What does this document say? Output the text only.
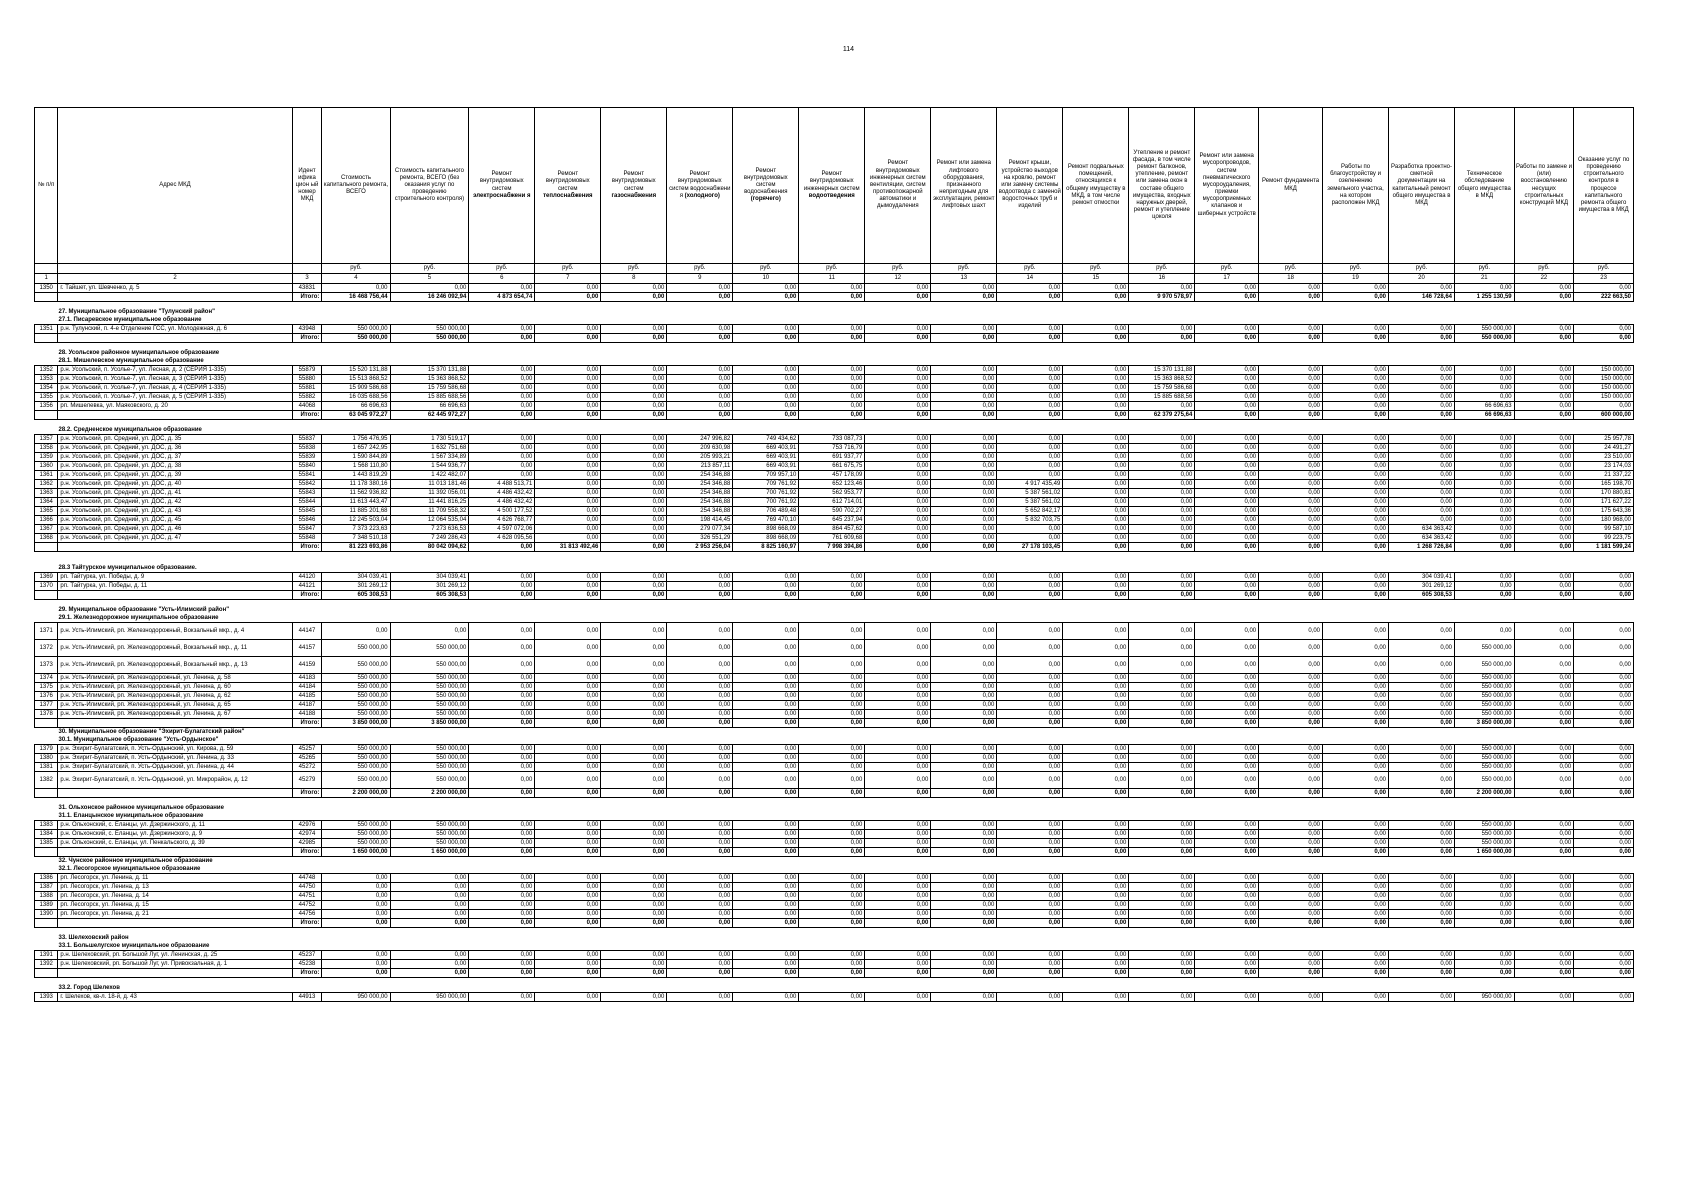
114
№ п/п	Адрес МКД	Идент ифика цион ый номер МКД	Стоимость капитального ремонта, ВСЕГО	Стоимость капитального ремонта, ВСЕГО (без оказания услуг по проведению строительного контроля)	Ремонт внутридомовых систем электроснабжени я	Ремонт внутридомовых систем теплоснабжения	Ремонт внутридомовых систем газоснабжения	Ремонт внутридомовых систем водоснабжени я (холодного)	Ремонт внутридомовых систем водоснабжения (горячего)	Ремонт внутридомовых инженерных систем водоотведения	Ремонт внутридомовых инженерных систем вентиляции, систем противопожарной автоматики и дымоудаления	Ремонт или замена лифтового оборудования, признанного непригодным для эксплуатации, ремонт лифтовых шахт	Ремонт крыши, устройство выходов на кровлю, ремонт или замену системы водоотвода с заменой водосточных труб и изделий	Ремонт подвальных помещений, относящихся к общему имуществу в МКД, в том числе ремонт отмостки	Утепление и ремонт фасада, в том числе ремонт балконов, утепление, ремонт или замена окон в составе общего имущества, входных наружных дверей, ремонт и утепление цоколя	Ремонт или замена мусоропроводов, систем пневматического мусороудаления, приемки мусороприемных клапанов и шиберных устройств	Ремонт фундамента МКД	Работы по благоустройству и озеленению земельного участка, на котором расположен МКД	Разработка проектно-сметной документации на капитальный ремонт общего имущества в МКД	Техническое обследование общего имущества в МКД	Работы по замене и (или) восстановлению несущих строительных конструкций МКД	Оказание услуг по проведению строительного контроля в процессе капитального ремонта общего имущества в МКД
			руб.	руб.	руб.	руб.	руб.	руб.	руб.	руб.	руб.	руб.	руб.	руб.	руб.	руб.	руб.	руб.	руб.	руб.	руб.	руб.
1	2	3	4	5	6	7	8	9	10	11	12	13	14	15	16	17	18	19	20	21	22	23
1350	г. Тайшет, ул. Шевченко, д. 5	43831	0,00	0,00	0,00	0,00	0,00	0,00	0,00	0,00	0,00	0,00	0,00	0,00	0,00	0,00	0,00	0,00	0,00	0,00	0,00	0,00
		Итого:	16 468 756,44	16 246 092,94	4 873 654,74	0,00	0,00	0,00	0,00	0,00	0,00	0,00	0,00	0,00	9 970 578,97	0,00	0,00	0,00	146 728,64	1 255 130,59	0,00	222 663,50

27. Муниципальное образование "Тулунский район"																						
27.1. Писаревское муниципальное образование																						
1351	р.н. Тулунский, п. 4-е Отделение ГСС, ул. Молодежная, д. 6	43948	550 000,00	550 000,00	0,00	0,00	0,00	0,00	0,00	0,00	0,00	0,00	0,00	0,00	0,00	0,00	0,00	0,00	0,00	550 000,00	0,00	0,00
		Итого:	550 000,00	550 000,00	0,00	0,00	0,00	0,00	0,00	0,00	0,00	0,00	0,00	0,00	0,00	0,00	0,00	0,00	0,00	550 000,00	0,00	0,00

28. Усольское районное муниципальное образование																						
28.1. Мишелевское муниципальное образование																						
1352	р.н. Усольский, п. Усолье-7, ул. Лесная, д. 2 (СЕРИЯ 1-335)	55879	15 520 131,88	15 370 131,88	0,00	0,00	0,00	0,00	0,00	0,00	0,00	0,00	0,00	0,00	15 370 131,88	0,00	0,00	0,00	0,00	0,00	0,00	150 000,00
1353	р.н. Усольский, п. Усолье-7, ул. Лесная, д. 3 (СЕРИЯ 1-335)	55880	15 513 868,52	15 363 868,52	0,00	0,00	0,00	0,00	0,00	0,00	0,00	0,00	0,00	0,00	15 363 868,52	0,00	0,00	0,00	0,00	0,00	0,00	150 000,00
1354	р.н. Усольский, п. Усолье-7, ул. Лесная, д. 4 (СЕРИЯ 1-335)	55881	15 909 586,68	15 759 586,68	0,00	0,00	0,00	0,00	0,00	0,00	0,00	0,00	0,00	0,00	15 759 586,68	0,00	0,00	0,00	0,00	0,00	0,00	150 000,00
1355	р.н. Усольский, п. Усолье-7, ул. Лесная, д. 5 (СЕРИЯ 1-335)	55882	16 035 688,56	15 885 688,56	0,00	0,00	0,00	0,00	0,00	0,00	0,00	0,00	0,00	0,00	15 885 688,56	0,00	0,00	0,00	0,00	0,00	0,00	150 000,00
1356	рп. Мишелевка, ул. Маяковского, д. 20	44068	66 696,63	66 696,63	0,00	0,00	0,00	0,00	0,00	0,00	0,00	0,00	0,00	0,00	0,00	0,00	0,00	0,00	0,00	66 696,63	0,00	0,00
		Итого:	63 045 972,27	62 445 972,27	0,00	0,00	0,00	0,00	0,00	0,00	0,00	0,00	0,00	0,00	62 379 275,64	0,00	0,00	0,00	0,00	66 696,63	0,00	600 000,00

28.2. Средненское муниципальное образование																						
1357	р.н. Усольский, рп. Средний, ул. ДОС, д. 35	55837	1 756 476,95	1 730 519,17	0,00	0,00	0,00	247 996,82	749 434,62	733 087,73	0,00	0,00	0,00	0,00	0,00	0,00	0,00	0,00	0,00	0,00	0,00	25 957,78
1358	р.н. Усольский, рп. Средний, ул. ДОС, д. 36	55838	1 657 242,95	1 632 751,68	0,00	0,00	0,00	209 630,98	669 403,91	753 716,79	0,00	0,00	0,00	0,00	0,00	0,00	0,00	0,00	0,00	0,00	0,00	24 491,27
1359	р.н. Усольский, рп. Средний, ул. ДОС, д. 37	55839	1 590 844,89	1 567 334,89	0,00	0,00	0,00	205 993,21	669 403,91	691 937,77	0,00	0,00	0,00	0,00	0,00	0,00	0,00	0,00	0,00	0,00	0,00	23 510,00
1360	р.н. Усольский, рп. Средний, ул. ДОС, д. 38	55840	1 568 110,80	1 544 936,77	0,00	0,00	0,00	213 857,11	669 403,91	661 675,75	0,00	0,00	0,00	0,00	0,00	0,00	0,00	0,00	0,00	0,00	0,00	23 174,03
1361	р.н. Усольский, рп. Средний, ул. ДОС, д. 39	55841	1 443 819,29	1 422 482,07	0,00	0,00	0,00	254 346,88	709 957,10	457 178,09	0,00	0,00	0,00	0,00	0,00	0,00	0,00	0,00	0,00	0,00	0,00	21 337,22
1362	р.н. Усольский, рп. Средний, ул. ДОС, д. 40	55842	11 178 380,16	11 013 181,46	4 488 513,71	0,00	0,00	254 346,88	709 761,92	652 123,46	0,00	0,00	4 917 435,49	0,00	0,00	0,00	0,00	0,00	0,00	0,00	0,00	165 198,70
1363	р.н. Усольский, рп. Средний, ул. ДОС, д. 41	55843	11 562 936,82	11 392 056,01	4 486 432,42	0,00	0,00	254 346,88	700 761,92	562 953,77	0,00	0,00	5 387 561,02	0,00	0,00	0,00	0,00	0,00	0,00	0,00	0,00	170 880,81
1364	р.н. Усольский, рп. Средний, ул. ДОС, д. 42	55844	11 613 443,47	11 441 816,25	4 486 432,42	0,00	0,00	254 346,88	700 761,92	612 714,01	0,00	0,00	5 387 561,02	0,00	0,00	0,00	0,00	0,00	0,00	0,00	0,00	171 627,22
1365	р.н. Усольский, рп. Средний, ул. ДОС, д. 43	55845	11 885 201,68	11 709 558,32	4 500 177,52	0,00	0,00	254 346,88	706 489,48	590 702,27	0,00	0,00	5 652 842,17	0,00	0,00	0,00	0,00	0,00	0,00	0,00	0,00	175 643,36
1366	р.н. Усольский, рп. Средний, ул. ДОС, д. 45	55846	12 245 503,04	12 064 535,04	4 626 768,77	0,00	0,00	198 414,45	769 470,10	645 237,94	0,00	0,00	5 832 703,75	0,00	0,00	0,00	0,00	0,00	0,00	0,00	0,00	180 968,00
1367	р.н. Усольский, рп. Средний, ул. ДОС, д. 46	55847	7 373 223,63	7 273 636,53	4 597 072,06	0,00	0,00	279 077,34	898 668,09	864 457,62	0,00	0,00	0,00	0,00	0,00	0,00	0,00	0,00	634 363,42	0,00	0,00	99 587,10
1368	р.н. Усольский, рп. Средний, ул. ДОС, д. 47	55848	7 348 510,18	7 249 286,43	4 628 095,56	0,00	0,00	326 551,29	898 668,09	761 609,68	0,00	0,00	0,00	0,00	0,00	0,00	0,00	0,00	634 363,42	0,00	0,00	99 223,75
		Итого:	81 223 693,86	80 042 094,62	0,00	31 813 492,46	0,00	2 953 256,04	8 825 160,97	7 998 394,86	0,00	0,00	27 178 103,45	0,00	0,00	0,00	0,00	0,00	1 268 726,84	0,00	0,00	1 181 599,24

28.3 Тайтурское муниципальное образование.																						
1369	рп. Тайтурка, ул. Победы, д. 9	44120	304 039,41	304 039,41	0,00	0,00	0,00	0,00	0,00	0,00	0,00	0,00	0,00	0,00	0,00	0,00	0,00	0,00	304 039,41	0,00	0,00	0,00
1370	рп. Тайтурка, ул. Победы, д. 11	44121	301 269,12	301 269,12	0,00	0,00	0,00	0,00	0,00	0,00	0,00	0,00	0,00	0,00	0,00	0,00	0,00	0,00	301 269,12	0,00	0,00	0,00
		Итого:	605 308,53	605 308,53	0,00	0,00	0,00	0,00	0,00	0,00	0,00	0,00	0,00	0,00	0,00	0,00	0,00	0,00	605 308,53	0,00	0,00	0,00

29. Муниципальное образование "Усть-Илимский район"																						
29.1. Железнодорожное муниципальное образование																						
1371	р.н. Усть-Илимский, рп. Железнодорожный, Вокзальный мкр., д. 4	44147	0,00	0,00	0,00	0,00	0,00	0,00	0,00	0,00	0,00	0,00	0,00	0,00	0,00	0,00	0,00	0,00	0,00	0,00	0,00	0,00
1372	р.н. Усть-Илимский, рп. Железнодорожный, Вокзальный мкр., д. 11	44157	550 000,00	550 000,00	0,00	0,00	0,00	0,00	0,00	0,00	0,00	0,00	0,00	0,00	0,00	0,00	0,00	0,00	0,00	550 000,00	0,00	0,00
1373	р.н. Усть-Илимский, рп. Железнодорожный, Вокзальный мкр., д. 13	44159	550 000,00	550 000,00	0,00	0,00	0,00	0,00	0,00	0,00	0,00	0,00	0,00	0,00	0,00	0,00	0,00	0,00	0,00	550 000,00	0,00	0,00
1374	р.н. Усть-Илимский, рп. Железнодорожный, ул. Ленина, д. 58	44183	550 000,00	550 000,00	0,00	0,00	0,00	0,00	0,00	0,00	0,00	0,00	0,00	0,00	0,00	0,00	0,00	0,00	0,00	550 000,00	0,00	0,00
1375	р.н. Усть-Илимский, рп. Железнодорожный, ул. Ленина, д. 60	44184	550 000,00	550 000,00	0,00	0,00	0,00	0,00	0,00	0,00	0,00	0,00	0,00	0,00	0,00	0,00	0,00	0,00	0,00	550 000,00	0,00	0,00
1376	р.н. Усть-Илимский, рп. Железнодорожный, ул. Ленина, д. 62	44185	550 000,00	550 000,00	0,00	0,00	0,00	0,00	0,00	0,00	0,00	0,00	0,00	0,00	0,00	0,00	0,00	0,00	0,00	550 000,00	0,00	0,00
1377	р.н. Усть-Илимский, рп. Железнодорожный, ул. Ленина, д. 65	44187	550 000,00	550 000,00	0,00	0,00	0,00	0,00	0,00	0,00	0,00	0,00	0,00	0,00	0,00	0,00	0,00	0,00	0,00	550 000,00	0,00	0,00
1378	р.н. Усть-Илимский, рп. Железнодорожный, ул. Ленина, д. 67	44188	550 000,00	550 000,00	0,00	0,00	0,00	0,00	0,00	0,00	0,00	0,00	0,00	0,00	0,00	0,00	0,00	0,00	0,00	550 000,00	0,00	0,00
		Итого:	3 850 000,00	3 850 000,00	0,00	0,00	0,00	0,00	0,00	0,00	0,00	0,00	0,00	0,00	0,00	0,00	0,00	0,00	0,00	3 850 000,00	0,00	0,00
30. Муниципальное образование "Эхирит-Булагатский район"																						
30.1. Муниципальное образование "Усть-Ордынское"																						
1379	р.н. Эхирит-Булагатский, п. Усть-Ордынский, ул. Кирова, д. 59	45257	550 000,00	550 000,00	0,00	0,00	0,00	0,00	0,00	0,00	0,00	0,00	0,00	0,00	0,00	0,00	0,00	0,00	0,00	550 000,00	0,00	0,00
1380	р.н. Эхирит-Булагатский, п. Усть-Ордынский, ул. Ленина, д. 33	45265	550 000,00	550 000,00	0,00	0,00	0,00	0,00	0,00	0,00	0,00	0,00	0,00	0,00	0,00	0,00	0,00	0,00	0,00	550 000,00	0,00	0,00
1381	р.н. Эхирит-Булагатский, п. Усть-Ордынский, ул. Ленина, д. 44	45272	550 000,00	550 000,00	0,00	0,00	0,00	0,00	0,00	0,00	0,00	0,00	0,00	0,00	0,00	0,00	0,00	0,00	0,00	550 000,00	0,00	0,00
1382	р.н. Эхирит-Булагатский, п. Усть-Ордынский, ул. Микрорайон, д. 12	45279	550 000,00	550 000,00	0,00	0,00	0,00	0,00	0,00	0,00	0,00	0,00	0,00	0,00	0,00	0,00	0,00	0,00	0,00	550 000,00	0,00	0,00
		Итого:	2 200 000,00	2 200 000,00	0,00	0,00	0,00	0,00	0,00	0,00	0,00	0,00	0,00	0,00	0,00	0,00	0,00	0,00	0,00	2 200 000,00	0,00	0,00

31. Ольхонское районное муниципальное образование																						
31.1. Еланцынское муниципальное образование																						
1383	р.н. Ольхонский, с. Еланцы, ул. Дзержинского, д. 11	42976	550 000,00	550 000,00	0,00	0,00	0,00	0,00	0,00	0,00	0,00	0,00	0,00	0,00	0,00	0,00	0,00	0,00	0,00	550 000,00	0,00	0,00
1384	р.н. Ольхонский, с. Еланцы, ул. Дзержинского, д. 9	42974	550 000,00	550 000,00	0,00	0,00	0,00	0,00	0,00	0,00	0,00	0,00	0,00	0,00	0,00	0,00	0,00	0,00	0,00	550 000,00	0,00	0,00
1385	р.н. Ольхонский, с. Еланцы, ул. Пенкальского, д. 39	42985	550 000,00	550 000,00	0,00	0,00	0,00	0,00	0,00	0,00	0,00	0,00	0,00	0,00	0,00	0,00	0,00	0,00	0,00	550 000,00	0,00	0,00
		Итого:	1 650 000,00	1 650 000,00	0,00	0,00	0,00	0,00	0,00	0,00	0,00	0,00	0,00	0,00	0,00	0,00	0,00	0,00	0,00	1 650 000,00	0,00	0,00
32. Чунское районное муниципальное образование																						
32.1. Лесогорское муниципальное образование																						
1386	рп. Лесогорск, ул. Ленина, д. 11	44748	0,00	0,00	0,00	0,00	0,00	0,00	0,00	0,00	0,00	0,00	0,00	0,00	0,00	0,00	0,00	0,00	0,00	0,00	0,00	0,00
1387	рп. Лесогорск, ул. Ленина, д. 13	44750	0,00	0,00	0,00	0,00	0,00	0,00	0,00	0,00	0,00	0,00	0,00	0,00	0,00	0,00	0,00	0,00	0,00	0,00	0,00	0,00
1388	рп. Лесогорск, ул. Ленина, д. 14	44751	0,00	0,00	0,00	0,00	0,00	0,00	0,00	0,00	0,00	0,00	0,00	0,00	0,00	0,00	0,00	0,00	0,00	0,00	0,00	0,00
1389	рп. Лесогорск, ул. Ленина, д. 15	44752	0,00	0,00	0,00	0,00	0,00	0,00	0,00	0,00	0,00	0,00	0,00	0,00	0,00	0,00	0,00	0,00	0,00	0,00	0,00	0,00
1390	рп. Лесогорск, ул. Ленина, д. 21	44756	0,00	0,00	0,00	0,00	0,00	0,00	0,00	0,00	0,00	0,00	0,00	0,00	0,00	0,00	0,00	0,00	0,00	0,00	0,00	0,00
		Итого:	0,00	0,00	0,00	0,00	0,00	0,00	0,00	0,00	0,00	0,00	0,00	0,00	0,00	0,00	0,00	0,00	0,00	0,00	0,00	0,00

33. Шелеховский район																						
33.1. Большелугское муниципальное образование																						
1391	р.н. Шелеховский, рп. Большой Луг, ул. Ленинская, д. 25	45237	0,00	0,00	0,00	0,00	0,00	0,00	0,00	0,00	0,00	0,00	0,00	0,00	0,00	0,00	0,00	0,00	0,00	0,00	0,00	0,00
1392	р.н. Шелеховский, рп. Большой Луг, ул. Привокзальная, д. 1	45238	0,00	0,00	0,00	0,00	0,00	0,00	0,00	0,00	0,00	0,00	0,00	0,00	0,00	0,00	0,00	0,00	0,00	0,00	0,00	0,00
		Итого:	0,00	0,00	0,00	0,00	0,00	0,00	0,00	0,00	0,00	0,00	0,00	0,00	0,00	0,00	0,00	0,00	0,00	0,00	0,00	0,00

33.2. Город Шелехов																						
1393	г. Шелехов, кв-л. 18-й, д. 43	44913	950 000,00	950 000,00	0,00	0,00	0,00	0,00	0,00	0,00	0,00	0,00	0,00	0,00	0,00	0,00	0,00	0,00	0,00	950 000,00	0,00	0,00
